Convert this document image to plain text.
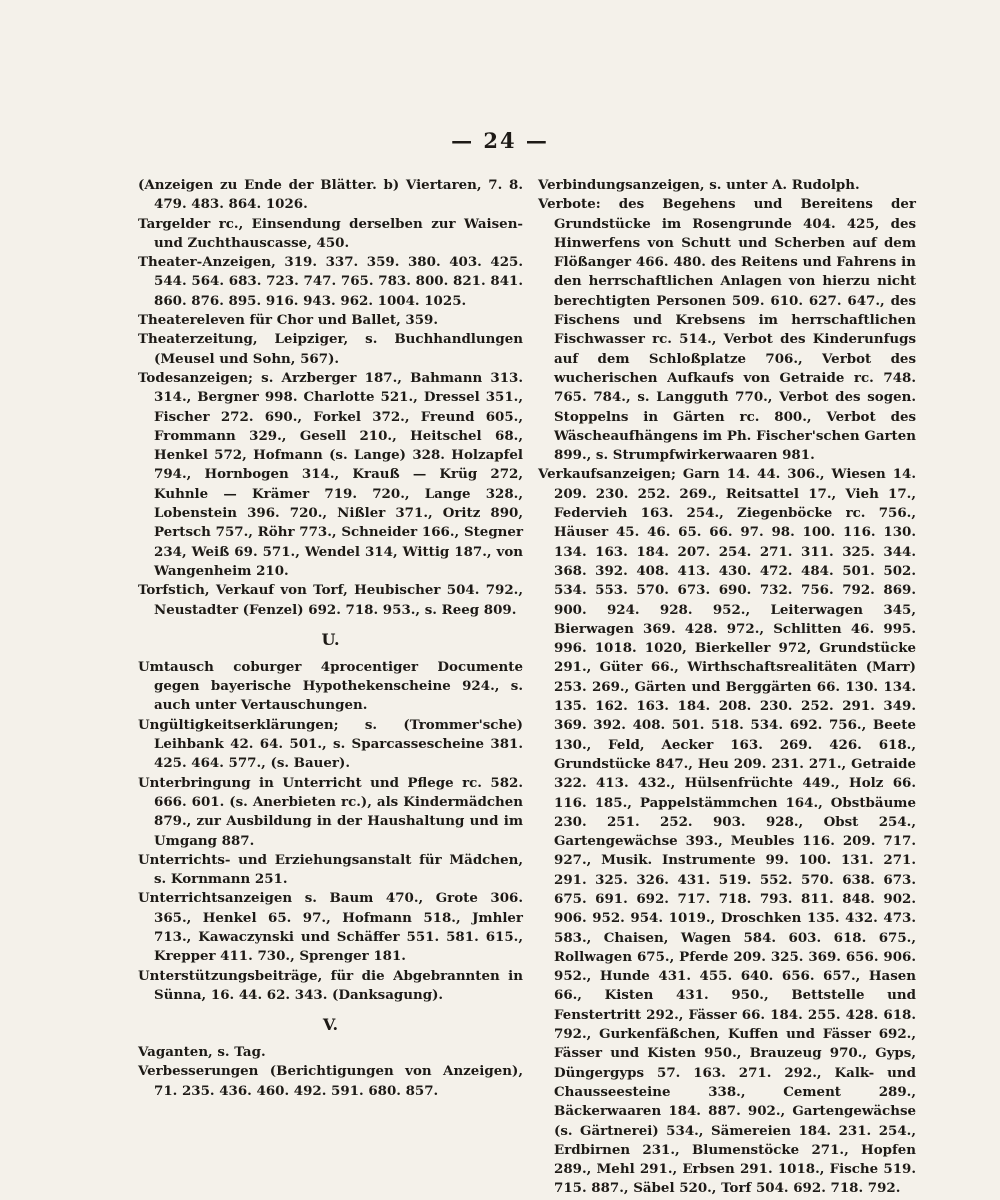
— 24 —

(Anzeigen zu Ende der Blätter. b) Viertaren, 7. 8. 479. 483. 864. 1026.

Targelder rc., Einsendung derselben zur Waisen- und Zuchthauscasse, 450.

Theater-Anzeigen, 319. 337. 359. 380. 403. 425. 544. 564. 683. 723. 747. 765. 783. 800. 821. 841. 860. 876. 895. 916. 943. 962. 1004. 1025.

Theatereleven für Chor und Ballet, 359.

Theaterzeitung, Leipziger, s. Buchhandlungen (Meusel und Sohn, 567).

Todesanzeigen; s. Arzberger 187., Bahmann 313. 314., Bergner 998. Charlotte 521., Dressel 351., Fischer 272. 690., Forkel 372., Freund 605., Frommann 329., Gesell 210., Heitschel 68., Henkel 572, Hofmann (s. Lange) 328. Holzapfel 794., Hornbogen 314., Krauß — Krüg 272, Kuhnle — Krämer 719. 720., Lange 328., Lobenstein 396. 720., Nißler 371., Oritz 890, Pertsch 757., Röhr 773., Schneider 166., Stegner 234, Weiß 69. 571., Wendel 314, Wittig 187., von Wangenheim 210.

Torfstich, Verkauf von Torf, Heubischer 504. 792., Neustadter (Fenzel) 692. 718. 953., s. Reeg 809.

U.

Umtausch coburger 4procentiger Documente gegen bayerische Hypothekenscheine 924., s. auch unter Vertauschungen.

Ungültigkeitserklärungen; s. (Trommer'sche) Leihbank 42. 64. 501., s. Sparcassescheine 381. 425. 464. 577., (s. Bauer).

Unterbringung in Unterricht und Pflege rc. 582. 666. 601. (s. Anerbieten rc.), als Kindermädchen 879., zur Ausbildung in der Haushaltung und im Umgang 887.

Unterrichts- und Erziehungsanstalt für Mädchen, s. Kornmann 251.

Unterrichtsanzeigen s. Baum 470., Grote 306. 365., Henkel 65. 97., Hofmann 518., Jmhler 713., Kawaczynski und Schäffer 551. 581. 615., Krepper 411. 730., Sprenger 181.

Unterstützungsbeiträge, für die Abgebrannten in Sünna, 16. 44. 62. 343. (Danksagung).

V.

Vaganten, s. Tag.

Verbesserungen (Berichtigungen von Anzeigen), 71. 235. 436. 460. 492. 591. 680. 857.

Verbindungsanzeigen, s. unter A. Rudolph.

Verbote: des Begehens und Bereitens der Grundstücke im Rosengrunde 404. 425, des Hinwerfens von Schutt und Scherben auf dem Flößanger 466. 480. des Reitens und Fahrens in den herrschaftlichen Anlagen von hierzu nicht berechtigten Personen 509. 610. 627. 647., des Fischens und Krebsens im herrschaftlichen Fischwasser rc. 514., Verbot des Kinderunfugs auf dem Schloßplatze 706., Verbot des wucherischen Aufkaufs von Getraide rc. 748. 765. 784., s. Langguth 770., Verbot des sogen. Stoppelns in Gärten rc. 800., Verbot des Wäscheaufhängens im Ph. Fischer'schen Garten 899., s. Strumpfwirkerwaaren 981.

Verkaufsanzeigen; Garn 14. 44. 306., Wiesen 14. 209. 230. 252. 269., Reitsattel 17., Vieh 17., Federvieh 163. 254., Ziegenböcke rc. 756., Häuser 45. 46. 65. 66. 97. 98. 100. 116. 130. 134. 163. 184. 207. 254. 271. 311. 325. 344. 368. 392. 408. 413. 430. 472. 484. 501. 502. 534. 553. 570. 673. 690. 732. 756. 792. 869. 900. 924. 928. 952., Leiterwagen 345, Bierwagen 369. 428. 972., Schlitten 46. 995. 996. 1018. 1020, Bierkeller 972, Grundstücke 291., Güter 66., Wirthschaftsrealitäten (Marr) 253. 269., Gärten und Berggärten 66. 130. 134. 135. 162. 163. 184. 208. 230. 252. 291. 349. 369. 392. 408. 501. 518. 534. 692. 756., Beete 130., Feld, Aecker 163. 269. 426. 618., Grundstücke 847., Heu 209. 231. 271., Getraide 322. 413. 432., Hülsenfrüchte 449., Holz 66. 116. 185., Pappelstämmchen 164., Obstbäume 230. 251. 252. 903. 928., Obst 254., Gartengewächse 393., Meubles 116. 209. 717. 927., Musik. Instrumente 99. 100. 131. 271. 291. 325. 326. 431. 519. 552. 570. 638. 673. 675. 691. 692. 717. 718. 793. 811. 848. 902. 906. 952. 954. 1019., Droschken 135. 432. 473. 583., Chaisen, Wagen 584. 603. 618. 675., Rollwagen 675., Pferde 209. 325. 369. 656. 906. 952., Hunde 431. 455. 640. 656. 657., Hasen 66., Kisten 431. 950., Bettstelle und Fenstertritt 292., Fässer 66. 184. 255. 428. 618. 792., Gurkenfäßchen, Kuffen und Fässer 692., Fässer und Kisten 950., Brauzeug 970., Gyps, Düngergyps 57. 163. 271. 292., Kalk- und Chausseesteine 338., Cement 289., Bäckerwaaren 184. 887. 902., Gartengewächse (s. Gärtnerei) 534., Sämereien 184. 231. 254., Erdbirnen 231., Blumenstöcke 271., Hopfen 289., Mehl 291., Erbsen 291. 1018., Fische 519. 715. 887., Säbel 520., Torf 504. 692. 718. 792.
